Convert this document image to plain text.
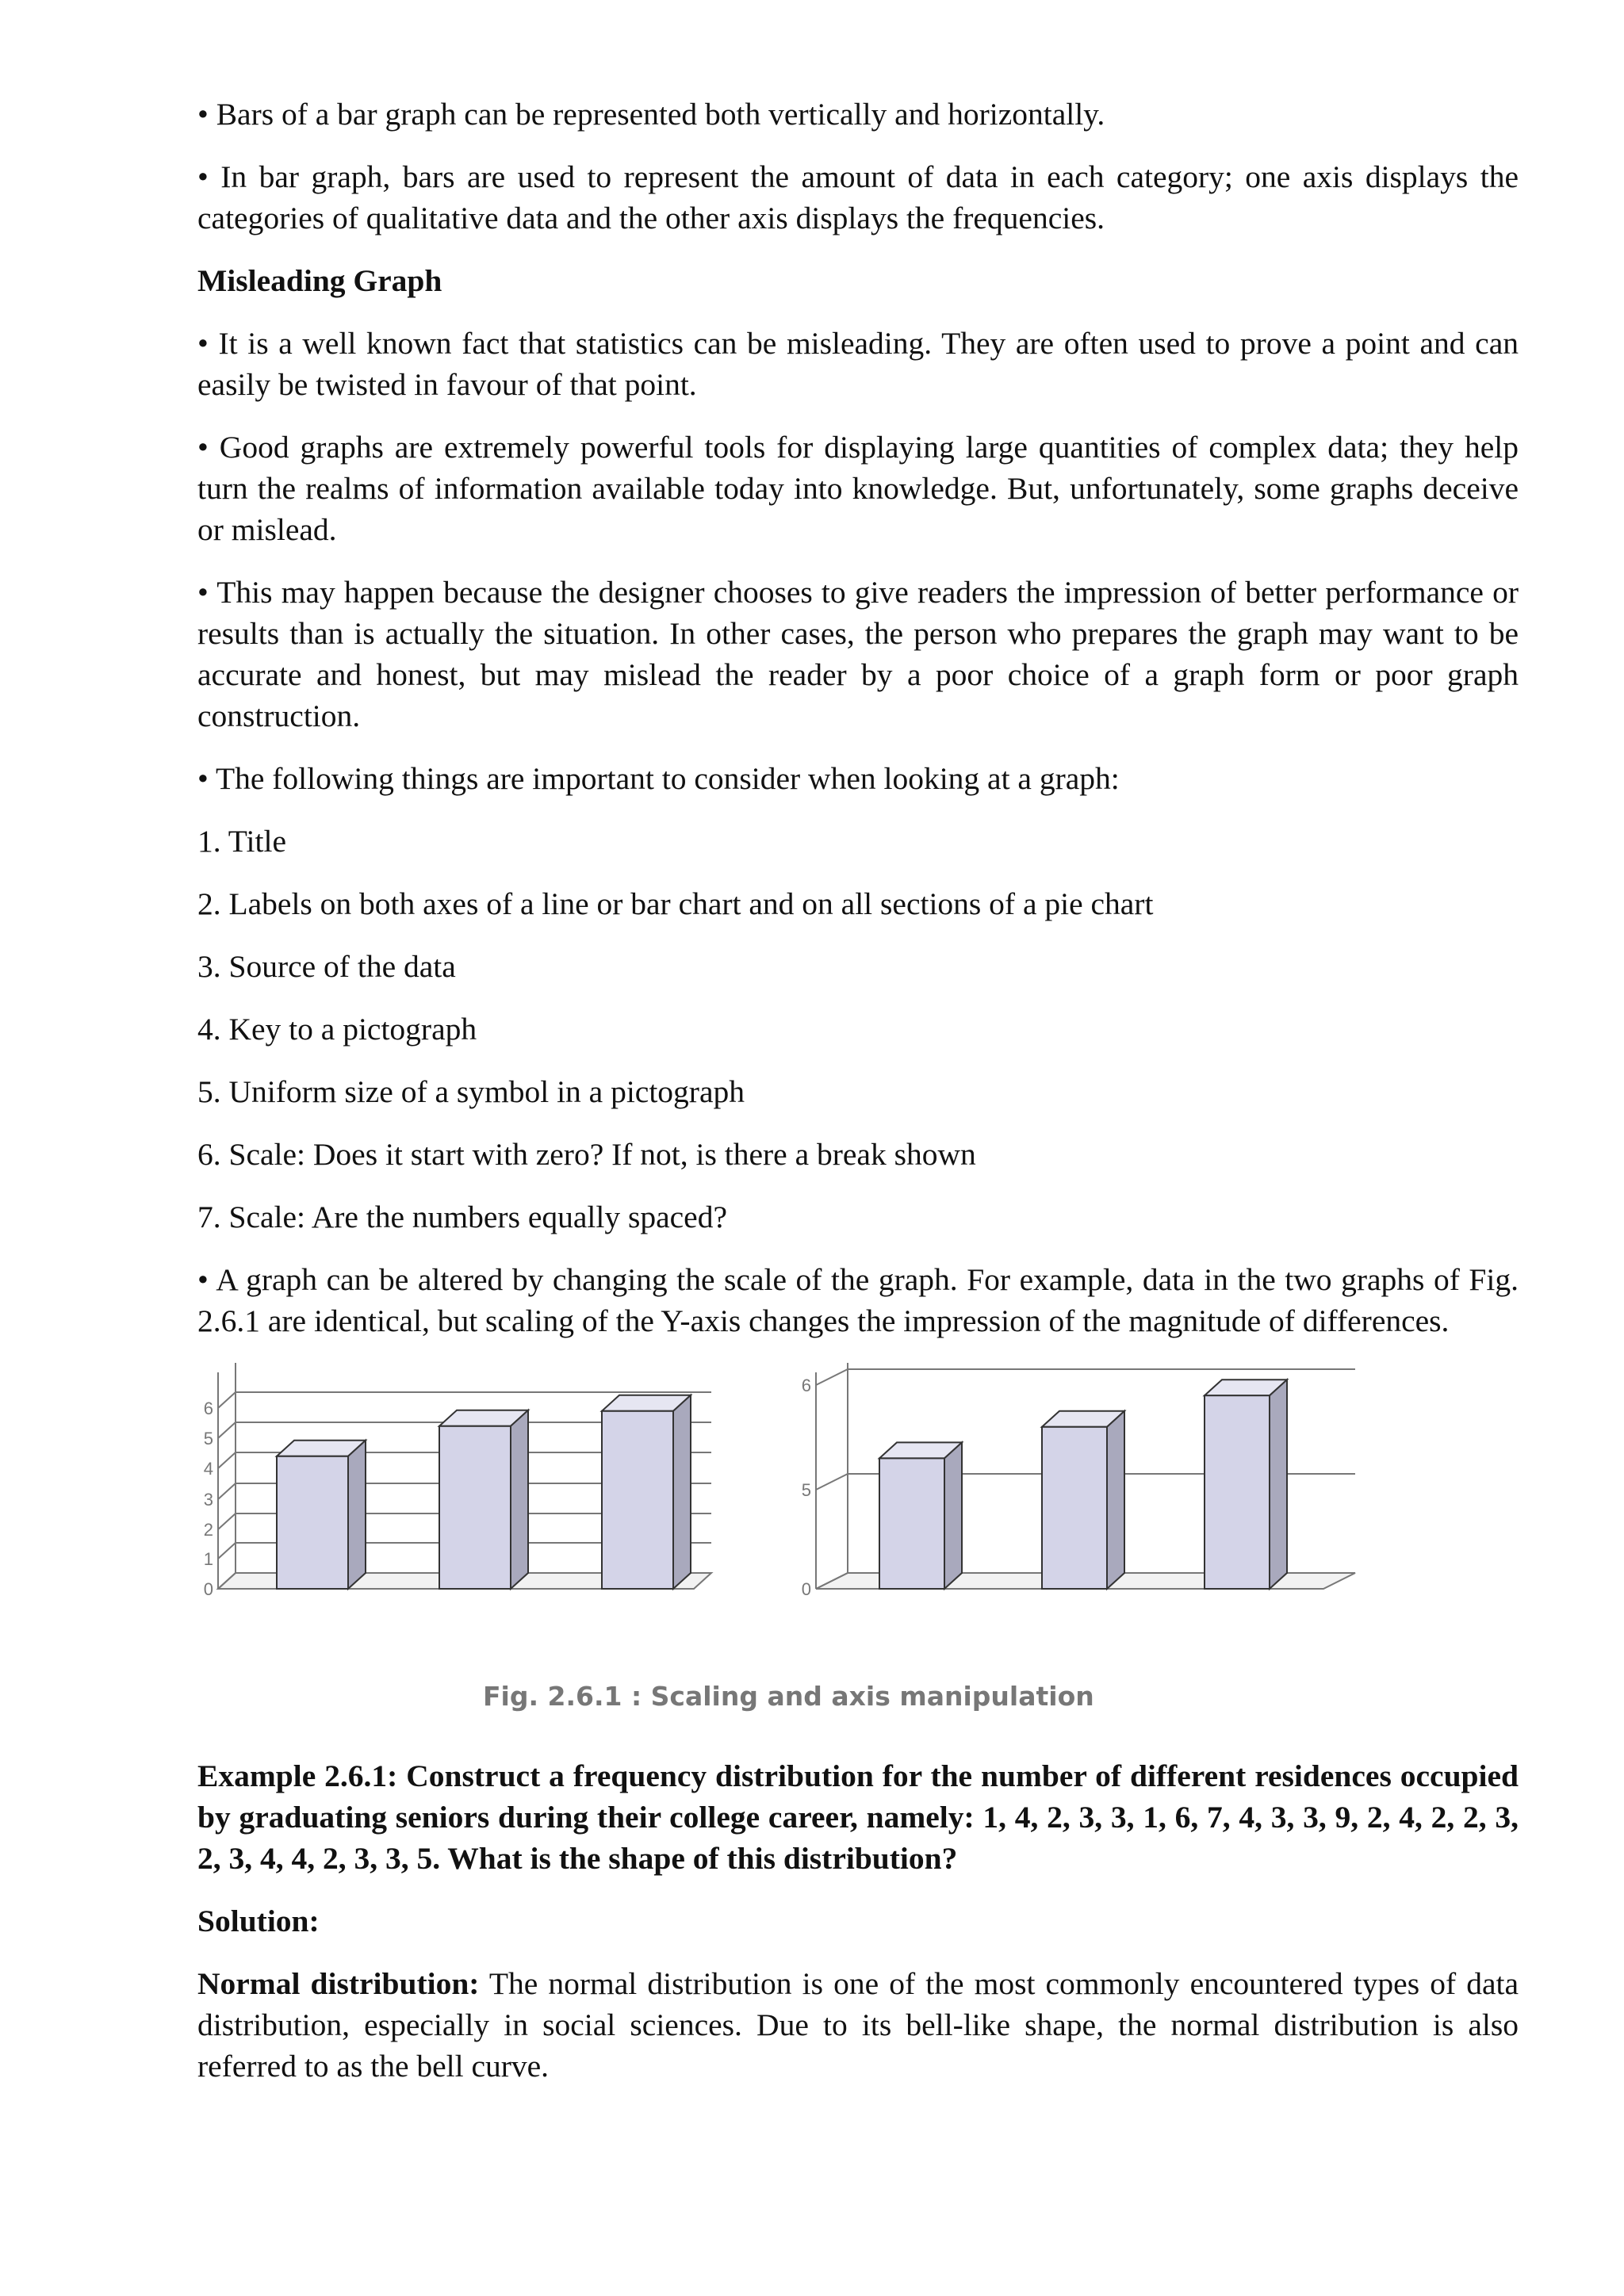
• Bars of a bar graph can be represented both vertically and horizontally.

• In bar graph, bars are used to represent the amount of data in each category; one axis displays the categories of qualitative data and the other axis displays the frequencies.

Misleading Graph

• It is a well known fact that statistics can be misleading. They are often used to prove a point and can easily be twisted in favour of that point.

• Good graphs are extremely powerful tools for displaying large quantities of complex data; they help turn the realms of information available today into knowledge. But, unfortunately, some graphs deceive or mislead.

• This may happen because the designer chooses to give readers the impression of better performance or results than is actually the situation. In other cases, the person who prepares the graph may want to be accurate and honest, but may mislead the reader by a poor choice of a graph form or poor graph construction.

• The following things are important to consider when looking at a graph:

1. Title

2. Labels on both axes of a line or bar chart and on all sections of a pie chart

3. Source of the data

4. Key to a pictograph

5. Uniform size of a symbol in a pictograph

6. Scale: Does it start with zero? If not, is there a break shown

7. Scale: Are the numbers equally spaced?

• A graph can be altered by changing the scale of the graph. For example, data in the two graphs of Fig. 2.6.1 are identical, but scaling of the Y-axis changes the impression of the magnitude of differences.

0
1
2
3
4
5
6
0
5
6

Fig. 2.6.1 : Scaling and axis manipulation

Example 2.6.1: Construct a frequency distribution for the number of different residences occupied by graduating seniors during their college career, namely: 1, 4, 2, 3, 3, 1, 6, 7, 4, 3, 3, 9, 2, 4, 2, 2, 3, 2, 3, 4, 4, 2, 3, 3, 5. What is the shape of this distribution?

Solution:

Normal distribution: The normal distribution is one of the most commonly encountered types of data distribution, especially in social sciences. Due to its bell-like shape, the normal distribution is also referred to as the bell curve.
